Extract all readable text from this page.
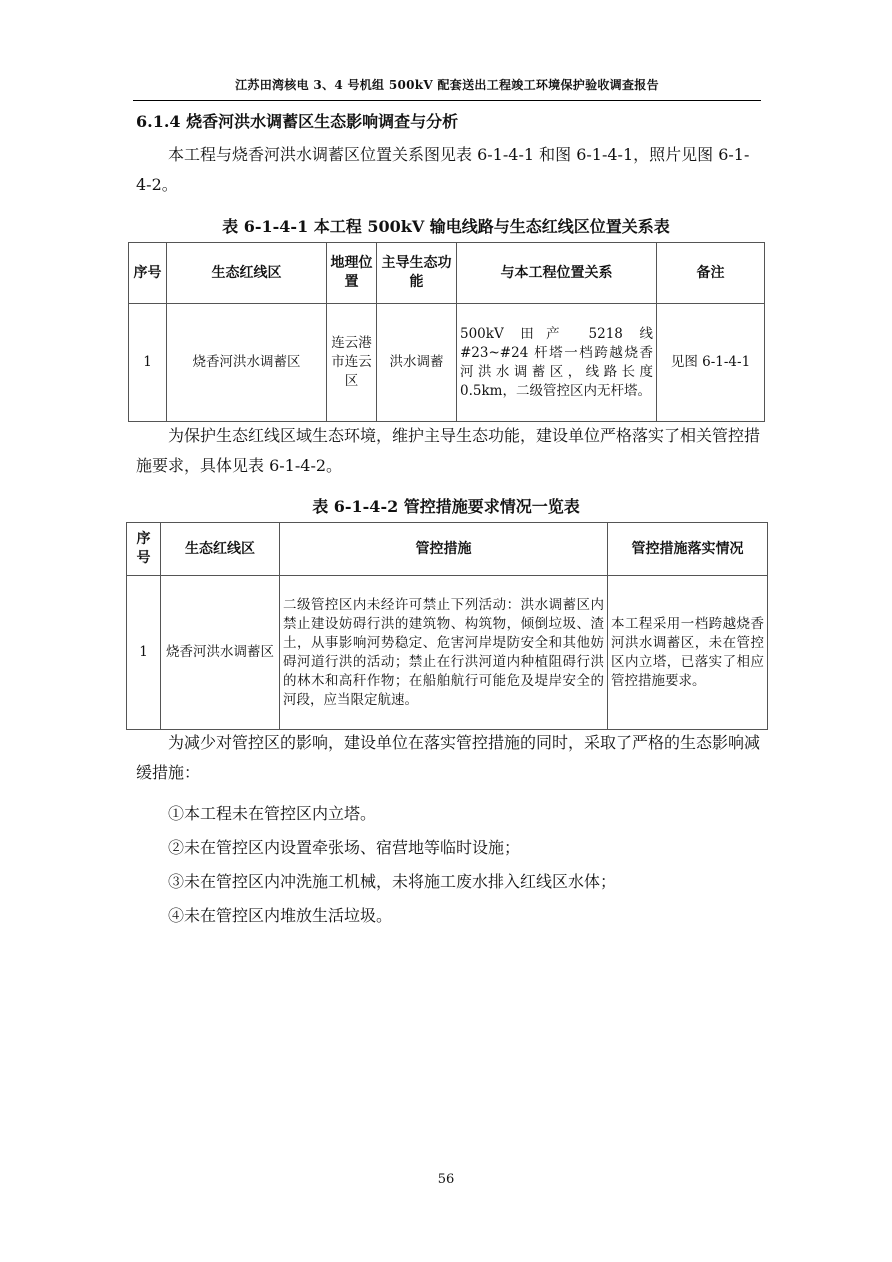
江苏田湾核电 3、4 号机组 500kV 配套送出工程竣工环境保护验收调查报告
6.1.4 烧香河洪水调蓄区生态影响调查与分析

本工程与烧香河洪水调蓄区位置关系图见表 6-1-4-1 和图 6-1-4-1，照片见图 6-1-4-2。

表 6-1-4-1 本工程 500kV 输电线路与生态红线区位置关系表
序号	生态红线区	地理位置	主导生态功能	与本工程位置关系	备注
1	烧香河洪水调蓄区	连云港市连云区	洪水调蓄	500kV 田产 5218 线#23~#24 杆塔一档跨越烧香河洪水调蓄区，线路长度 0.5km，二级管控区内无杆塔。	见图 6-1-4-1

为保护生态红线区域生态环境，维护主导生态功能，建设单位严格落实了相关管控措施要求，具体见表 6-1-4-2。

表 6-1-4-2 管控措施要求情况一览表
序号	生态红线区	管控措施	管控措施落实情况
1	烧香河洪水调蓄区	二级管控区内未经许可禁止下列活动：洪水调蓄区内禁止建设妨碍行洪的建筑物、构筑物，倾倒垃圾、渣土，从事影响河势稳定、危害河岸堤防安全和其他妨碍河道行洪的活动；禁止在行洪河道内种植阻碍行洪的林木和高秆作物；在船舶航行可能危及堤岸安全的河段，应当限定航速。	本工程采用一档跨越烧香河洪水调蓄区，未在管控区内立塔，已落实了相应管控措施要求。

为减少对管控区的影响，建设单位在落实管控措施的同时，采取了严格的生态影响减缓措施：

①本工程未在管控区内立塔。

②未在管控区内设置牵张场、宿营地等临时设施；

③未在管控区内冲洗施工机械，未将施工废水排入红线区水体；

④未在管控区内堆放生活垃圾。

56
